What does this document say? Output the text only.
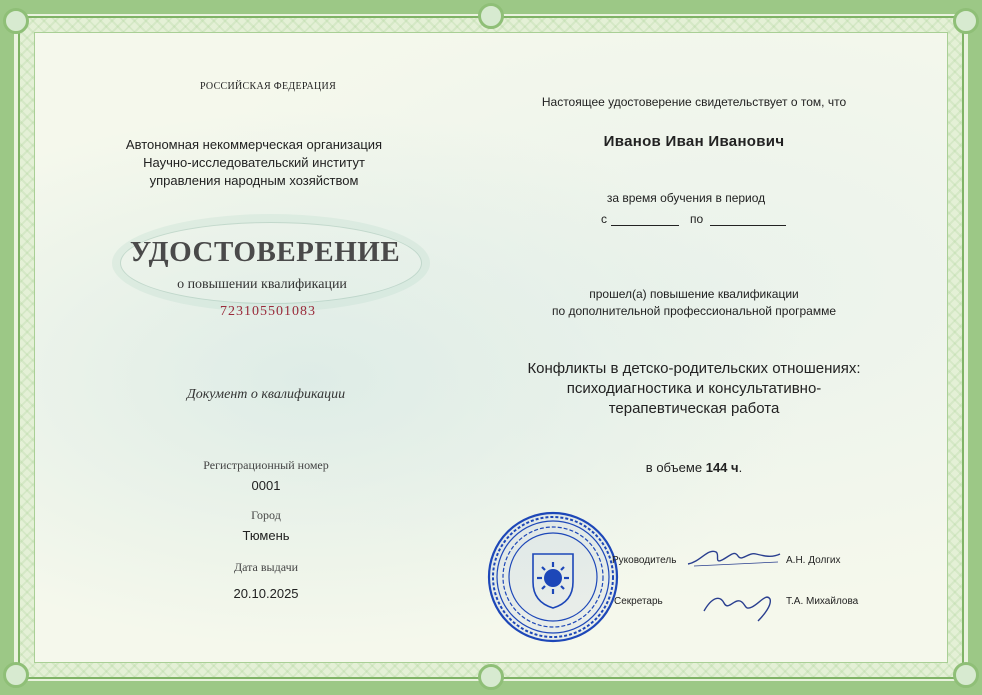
РОССИЙСКАЯ ФЕДЕРАЦИЯ
Автономная некоммерческая организация
Научно-исследовательский институт
управления народным хозяйством
УДОСТОВЕРЕНИЕ
о повышении квалификации
723105501083
Документ о квалификации
Регистрационный номер
0001
Город
Тюмень
Дата выдачи
20.10.2025
Настоящее удостоверение свидетельствует о том, что
Иванов Иван Иванович
за время обучения в период
с	по
прошел(а) повышение квалификации
по дополнительной профессиональной программе
Конфликты в детско-родительских отношениях:
психодиагностика и консультативно-
терапевтическая работа
в объеме 144 ч.
Руководитель	А.Н. Долгих
Секретарь	Т.А. Михайлова
